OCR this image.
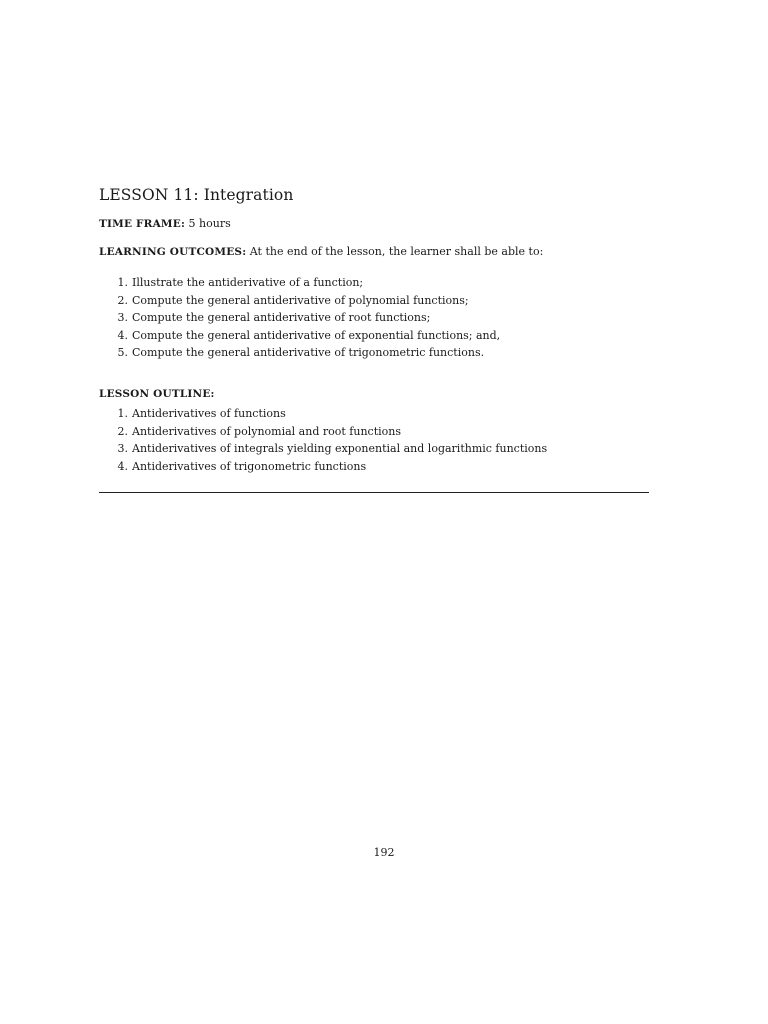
LESSON 11: Integration
TIME FRAME: 5 hours
LEARNING OUTCOMES: At the end of the lesson, the learner shall be able to:
1. Illustrate the antiderivative of a function;
2. Compute the general antiderivative of polynomial functions;
3. Compute the general antiderivative of root functions;
4. Compute the general antiderivative of exponential functions; and,
5. Compute the general antiderivative of trigonometric functions.
LESSON OUTLINE:
1. Antiderivatives of functions
2. Antiderivatives of polynomial and root functions
3. Antiderivatives of integrals yielding exponential and logarithmic functions
4. Antiderivatives of trigonometric functions
192
